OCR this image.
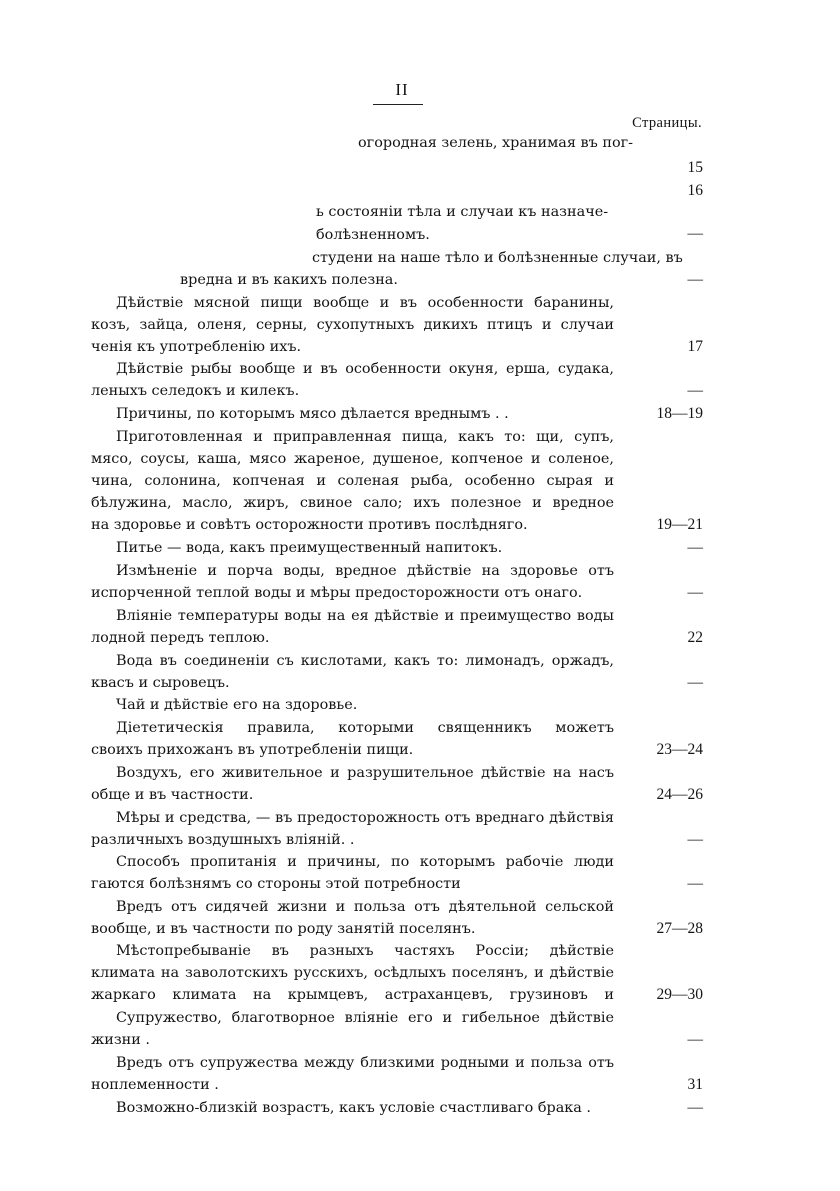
II
Страницы.
огородная зелень, хранимая въ пог-
ь состояніи тѣла и случаи къ назначе-
болѣзненномъ.
студени на наше тѣло и болѣзненные случаи, въ
вредна и въ какихъ полезна.
Дѣйствіе мясной пищи вообще и въ особенности баранины,
козъ, зайца, оленя, серны, сухопутныхъ дикихъ птицъ и случаи
ченія къ употребленію ихъ.
Дѣйствіе рыбы вообще и въ особенности окуня, ерша, судака,
леныхъ селедокъ и килекъ.
Причины, по которымъ мясо дѣлается вреднымъ . .
Приготовленная и приправленная пища, какъ то: щи, супъ,
мясо, соусы, каша, мясо жареное, душеное, копченое и соленое,
чина, солонина, копченая и соленая рыба, особенно сырая и
бѣлужина, масло, жиръ, свиное сало; ихъ полезное и вредное
на здоровье и совѣтъ осторожности противъ послѣдняго.
Питье — вода, какъ преимущественный напитокъ.
Измѣненіе и порча воды, вредное дѣйствіе на здоровье отъ
испорченной теплой воды и мѣры предосторожности отъ онаго.
Вліяніе температуры воды на ея дѣйствіе и преимущество воды
лодной передъ теплою.
Вода въ соединеніи съ кислотами, какъ то: лимонадъ, оржадъ,
квасъ и сыровецъ.
Чай и дѣйствіе его на здоровье.
Діететическія правила, которыми священникъ можетъ
своихъ прихожанъ въ употребленіи пищи.
Воздухъ, его живительное и разрушительное дѣйствіе на насъ
обще и въ частности.
Мѣры и средства, — въ предосторожность отъ вреднаго дѣйствія
различныхъ воздушныхъ вліяній. .
Способъ пропитанія и причины, по которымъ рабочіе люди
гаются болѣзнямъ со стороны этой потребности
Вредъ отъ сидячей жизни и польза отъ дѣятельной сельской
вообще, и въ частности по роду занятій поселянъ.
Мѣстопребываніе въ разныхъ частяхъ Россіи; дѣйствіе
климата на заволотскихъ русскихъ, осѣдлыхъ поселянъ, и дѣйствіе
жаркаго климата на крымцевъ, астраханцевъ, грузиновъ и
Супружество, благотворное вліяніе его и гибельное дѣйствіе
жизни .
Вредъ отъ супружества между близкими родными и польза отъ
ноплеменности .
Возможно-близкій возрастъ, какъ условіе счастливаго брака .
15
16
—
—
17
—
18—19
19—21
—
—
22
—
23—24
24—26
—
—
27—28
29—30
—
31
—
